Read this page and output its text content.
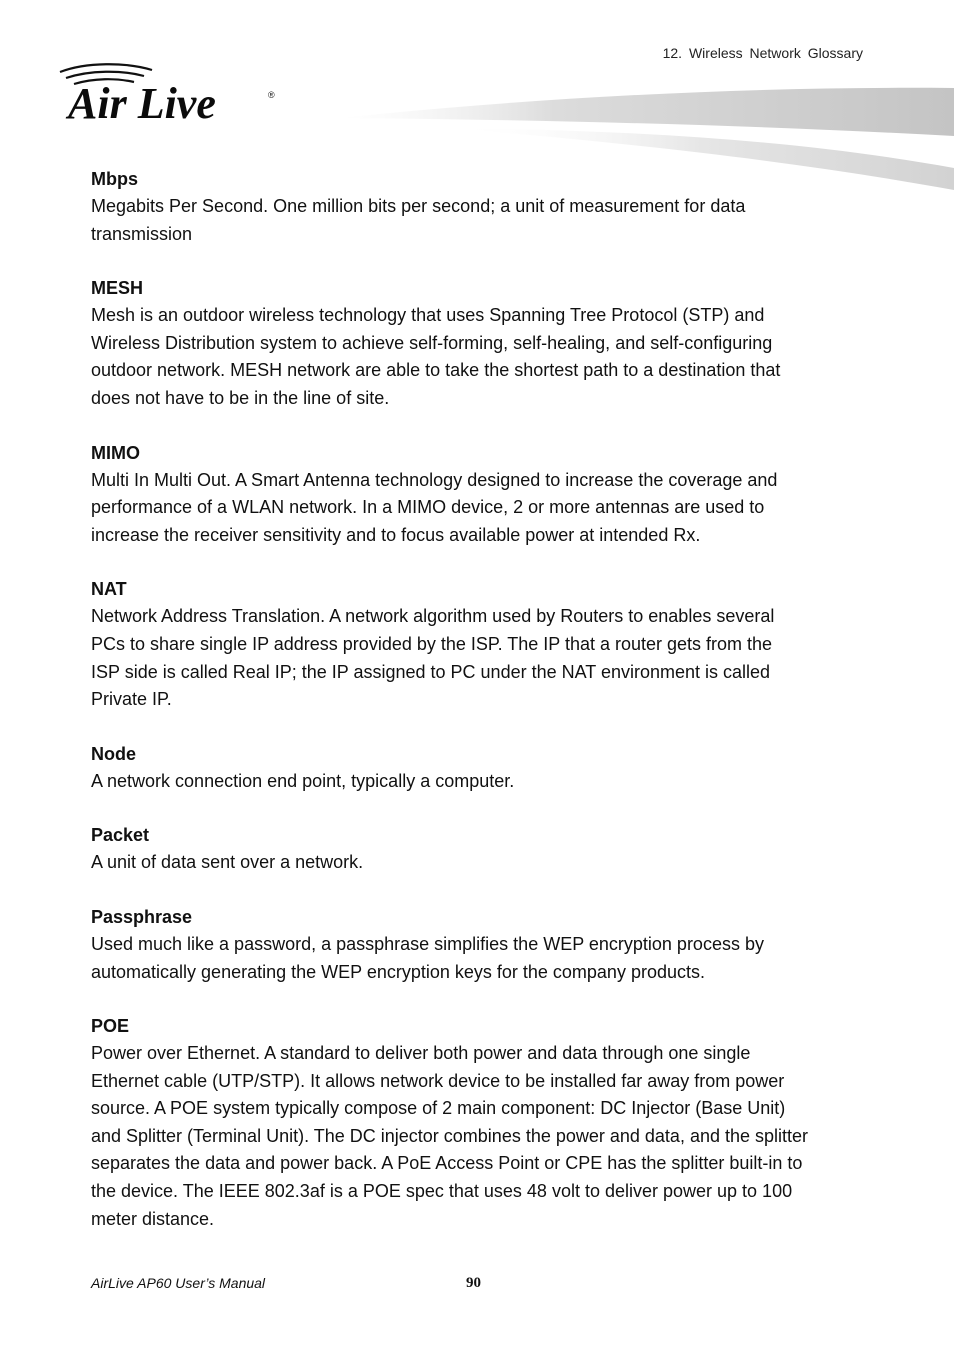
12. Wireless Network Glossary
Air Live	®
Mbps
Megabits Per Second. One million bits per second; a unit of measurement for data
transmission
MESH
Mesh is an outdoor wireless technology that uses Spanning Tree Protocol (STP) and
Wireless Distribution system to achieve self-forming, self-healing, and self-configuring
outdoor network. MESH network are able to take the shortest path to a destination that
does not have to be in the line of site.
MIMO
Multi In Multi Out. A Smart Antenna technology designed to increase the coverage and
performance of a WLAN network. In a MIMO device, 2 or more antennas are used to
increase the receiver sensitivity and to focus available power at intended Rx.
NAT
Network Address Translation. A network algorithm used by Routers to enables several
PCs to share single IP address provided by the ISP. The IP that a router gets from the
ISP side is called Real IP; the IP assigned to PC under the NAT environment is called
Private IP.
Node
A network connection end point, typically a computer.
Packet
A unit of data sent over a network.
Passphrase
Used much like a password, a passphrase simplifies the WEP encryption process by
automatically generating the WEP encryption keys for the company products.
POE
Power over Ethernet. A standard to deliver both power and data through one single
Ethernet cable (UTP/STP). It allows network device to be installed far away from power
source. A POE system typically compose of 2 main component: DC Injector (Base Unit)
and Splitter (Terminal Unit). The DC injector combines the power and data, and the splitter
separates the data and power back. A PoE Access Point or CPE has the splitter built-in to
the device. The IEEE 802.3af is a POE spec that uses 48 volt to deliver power up to 100
meter distance.
AirLive AP60 User’s Manual	90
